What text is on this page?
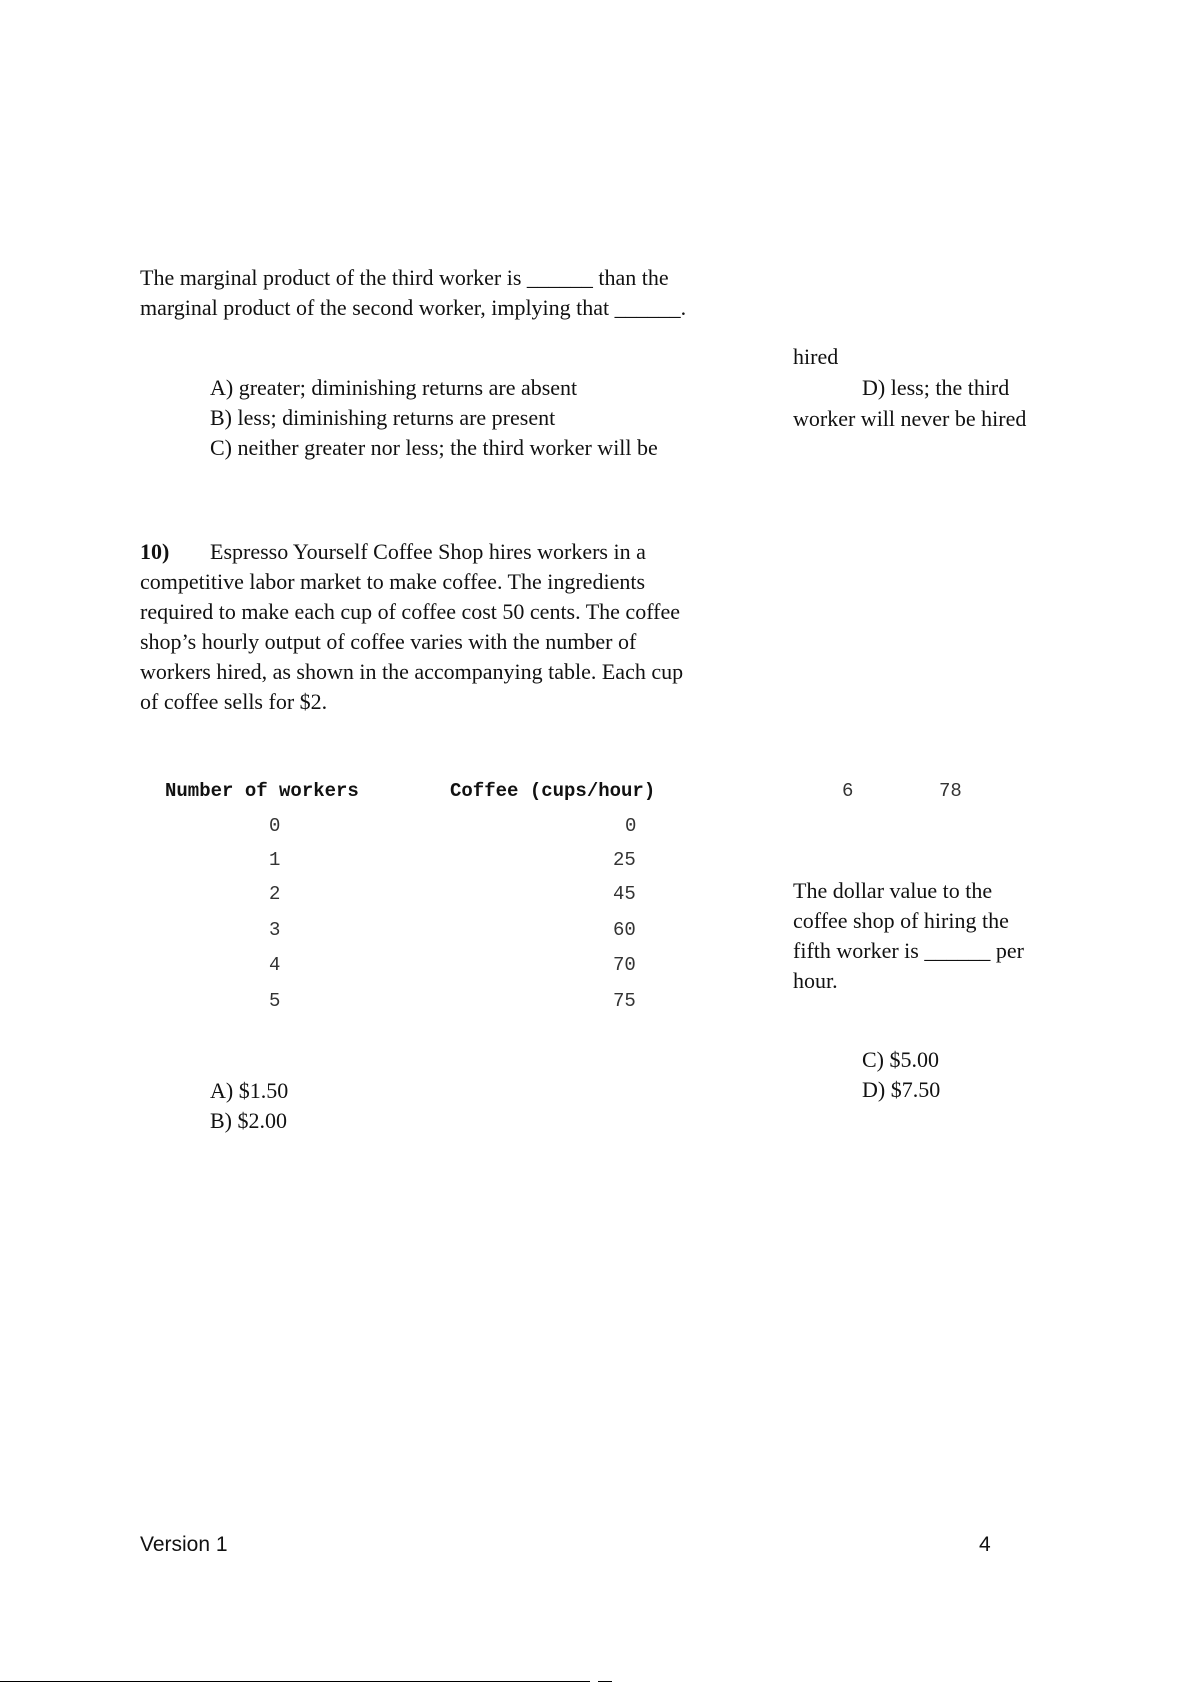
The marginal product of the third worker is ______ than the
marginal product of the second worker, implying that ______.
A) greater; diminishing returns are absent
B) less; diminishing returns are present
C) neither greater nor less; the third worker will be
hired
D) less; the third
worker will never be hired
10) Espresso Yourself Coffee Shop hires workers in a
competitive labor market to make coffee. The ingredients
required to make each cup of coffee cost 50 cents. The coffee
shop’s hourly output of coffee varies with the number of
workers hired, as shown in the accompanying table. Each cup
of coffee sells for $2.
Number of workers	Coffee (cups/hour)
0	0
1	25
2	45
3	60
4	70
5	75
6	78
The dollar value to the
coffee shop of hiring the
fifth worker is ______ per
hour.
A) $1.50
B) $2.00
C) $5.00
D) $7.50
Version 1	4
